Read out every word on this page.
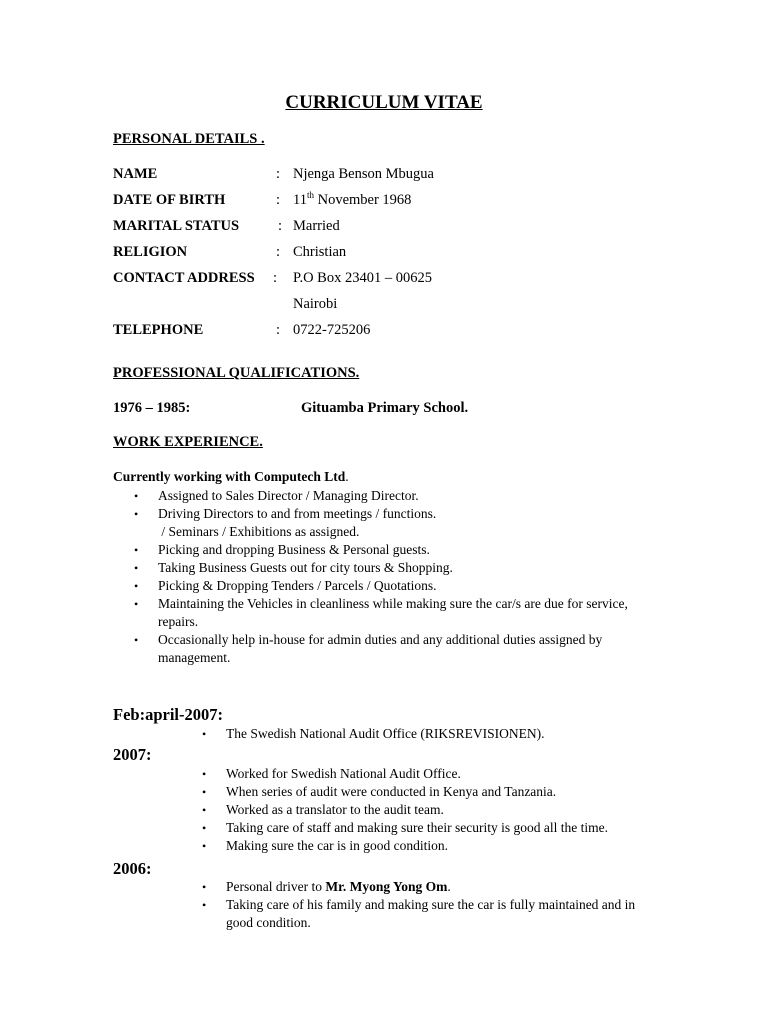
CURRICULUM VITAE
PERSONAL DETAILS .
NAME	: Njenga Benson Mbugua
DATE OF BIRTH	: 11th November 1968
MARITAL STATUS	: Married
RELIGION	: Christian
CONTACT ADDRESS : P.O Box 23401 – 00625
Nairobi
TELEPHONE	: 0722-725206
PROFESSIONAL QUALIFICATIONS.
1976 – 1985:	Gituamba Primary School.
WORK EXPERIENCE.
Currently working with Computech Ltd.
• Assigned to Sales Director / Managing Director.
• Driving Directors to and from meetings / functions.
/ Seminars / Exhibitions as assigned.
• Picking and dropping Business & Personal guests.
• Taking Business Guests out for city tours & Shopping.
• Picking & Dropping Tenders / Parcels / Quotations.
• Maintaining the Vehicles in cleanliness while making sure the car/s are due for service, repairs.
• Occasionally help in-house for admin duties and any additional duties assigned by management.
Feb:april-2007:
• The Swedish National Audit Office (RIKSREVISIONEN).
2007:
• Worked for Swedish National Audit Office.
• When series of audit were conducted in Kenya and Tanzania.
• Worked as a translator to the audit team.
• Taking care of staff and making sure their security is good all the time.
• Making sure the car is in good condition.
2006:
• Personal driver to Mr. Myong Yong Om.
• Taking care of his family and making sure the car is fully maintained and in good condition.
